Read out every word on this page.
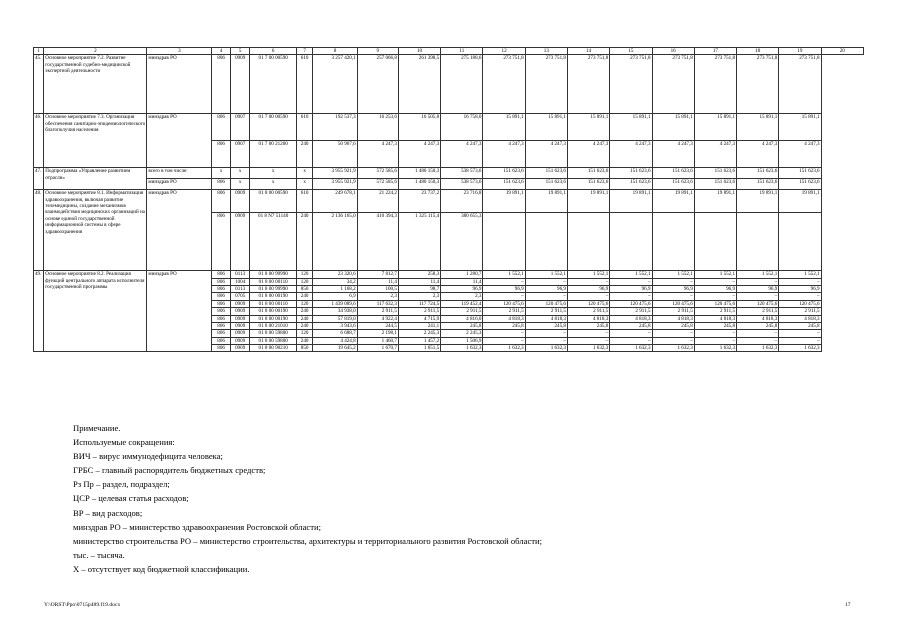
1	2	3	4	5	6	7	8	9	10	11	12	13	14	15	16	17	18	19	20
45.	Основное мероприятие 7.2. Развитие государственной судебно-медицинской экспертной деятельности	минздрав РО	806	0909	01 7 00 00590	610	3 257 420,1	257 066,8	261 398,5	275 188,6	273 751,8	273 751,8	273 751,8	273 751,8	273 751,8	273 751,8	273 751,8	273 751,8	
46.	Основное мероприятие 7.3. Организация обеспечения санитарно-эпидемиологического благополучия населения	минздрав РО	806	0907	01 7 00 00590	610	192 537,3	16 253,6	16 505,8	16 758,0	15 891,1	15 891,1	15 891,1	15 891,1	15 891,1	15 891,1	15 891,1	15 891,1	
			806	0907	01 7 00 21200	240	50 967,6	4 247,3	4 247,3	4 247,3	4 247,3	4 247,3	4 247,3	4 247,3	4 247,3	4 247,3	4 247,3	4 247,3	
47.	Подпрограмма «Управление развитием отрасли»	всего в том числе:	x	x	x	x	3 955 921,9	572 585,6	1 480 150,3	538 573,6	151 623,6	151 623,6	151 623,6	151 623,6	151 623,6	151 623,6	151 623,6	151 623,6	
		минздрав РО	806	x	x	x	3 955 921,9	572 585,6	1 480 150,3	538 573,6	151 623,6	151 623,6	151 623,6	151 623,6	151 623,6	151 623,6	151 623,6	151 623,6	
48.	Основное мероприятие 8.1. Информатизация здравоохранения, включая развитие телемедицины, создание механизмов взаимодействия медицинских организаций на основе единой государственной информационной системы в сфере здравоохранения	минздрав РО	806	0909	01 8 00 00590	610	249 678,1	21 224,2	23 737,2	23 716,8	19 891,1	19 891,1	19 891,1	19 891,1	19 891,1	19 891,1	19 891,1	19 891,1	
			806	0909	01 8 N7 51140	240	2 136 165,0	410 394,3	1 325 115,4	380 655,3									
49.	Основное мероприятие 8.2. Реализация функций центрального аппарата исполнителя государственной программы	минздрав РО	806	0113	01 8 00 99990	120	23 320,6	7 812,7	258,3	1 280,7	1 552,1	1 552,1	1 552,1	1 552,1	1 552,1	1 552,1	1 552,1	1 552,1	
			806	1004	01 8 00 00110	120	34,2	11,4	11,4	11,4	–	–	–	–	–	–	–	–	
			806	0113	01 8 00 99990	850	1 168,2	100,5	98,7	96,9	96,9	96,9	96,9	96,9	96,9	96,9	96,9	96,9	
			806	0705	01 8 00 00190	240	6,9	2,3	2,3	2,3	–	–	–	–	–	–	–	–	
			806	0909	01 8 00 00110	120	1 439 089,6	117 632,3	117 724,5	119 452,4	120 475,6	120 475,6	120 475,6	120 475,6	120 475,6	120 475,6	120 475,6	120 475,6	
			806	0909	01 8 00 00190	240	34 938,0	2 911,5	2 911,5	2 911,5	2 911,5	2 911,5	2 911,5	2 911,5	2 911,5	2 911,5	2 911,5	2 911,5	
			806	0909	01 8 00 00190	240	57 819,0	4 922,4	4 715,9	4 816,0	4 818,3	4 818,3	4 818,3	4 818,3	4 818,3	4 818,3	4 818,3	4 818,3	
			806	0909	01 8 00 21010	240	3 943,6	244,5	241,1	245,8	245,8	245,8	245,8	245,8	245,8	245,8	245,8	245,8	
			806	0909	01 8 00 59800	120	6 688,7	2 198,1	2 245,3	2 245,3	–	–	–	–	–	–	–	–	
			806	0909	01 8 00 59800	240	4 424,8	1 460,7	1 457,2	1 506,9	–	–	–	–	–	–	–	–	
			806	0909	01 8 00 90210	850	19 645,2	1 670,7	1 651,5	1 632,3	1 632,3	1 632,3	1 632,3	1 632,3	1 632,3	1 632,3	1 632,3	1 632,3	
Примечание.
Используемые сокращения:
ВИЧ – вирус иммунодефицита человека;
ГРБС – главный распорядитель бюджетных средств;
Рз Пр – раздел, подраздел;
ЦСР – целевая статья расходов;
ВР – вид расходов;
минздрав РО – министерство здравоохранения Ростовской области;
министерство строительства РО – министерство строительства, архитектуры и территориального развития Ростовской области;
тыс. – тысяча.
Х – отсутствует код бюджетной классификации.
Y:\ORST\Ppo\0715p489.f19.docx	17
